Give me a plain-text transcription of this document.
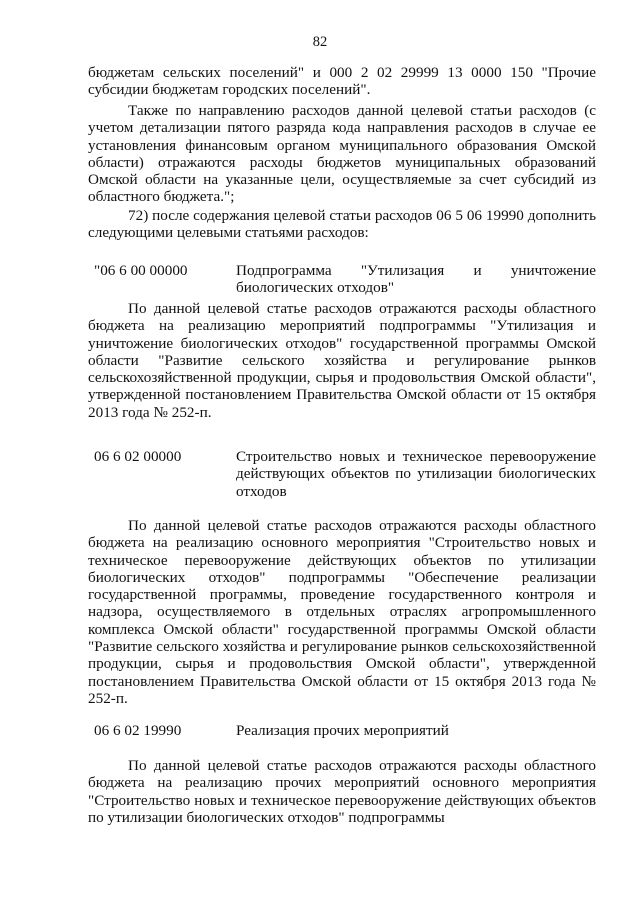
82

бюджетам сельских поселений" и 000 2 02 29999 13 0000 150 "Прочие субсидии бюджетам городских поселений".

Также по направлению расходов данной целевой статьи расходов (с учетом детализации пятого разряда кода направления расходов в случае ее установления финансовым органом муниципального образования Омской области) отражаются расходы бюджетов муниципальных образований Омской области на указанные цели, осуществляемые за счет субсидий из областного бюджета.";

72) после содержания целевой статьи расходов 06 5 06 19990 дополнить следующими целевыми статьями расходов:

"06 6 00 00000	Подпрограмма "Утилизация и уничтожение биологических отходов"

По данной целевой статье расходов отражаются расходы областного бюджета на реализацию мероприятий подпрограммы "Утилизация и уничтожение биологических отходов" государственной программы Омской области "Развитие сельского хозяйства и регулирование рынков сельскохозяйственной продукции, сырья и продовольствия Омской области", утвержденной постановлением Правительства Омской области от 15 октября 2013 года № 252-п.

06 6 02 00000	Строительство новых и техническое перевооружение действующих объектов по утилизации биологических отходов

По данной целевой статье расходов отражаются расходы областного бюджета на реализацию основного мероприятия "Строительство новых и техническое перевооружение действующих объектов по утилизации биологических отходов" подпрограммы "Обеспечение реализации государственной программы, проведение государственного контроля и надзора, осуществляемого в отдельных отраслях агропромышленного комплекса Омской области" государственной программы Омской области "Развитие сельского хозяйства и регулирование рынков сельскохозяйственной продукции, сырья и продовольствия Омской области", утвержденной постановлением Правительства Омской области от 15 октября 2013 года № 252-п.

06 6 02 19990	Реализация прочих мероприятий

По данной целевой статье расходов отражаются расходы областного бюджета на реализацию прочих мероприятий основного мероприятия "Строительство новых и техническое перевооружение действующих объектов по утилизации биологических отходов" подпрограммы
